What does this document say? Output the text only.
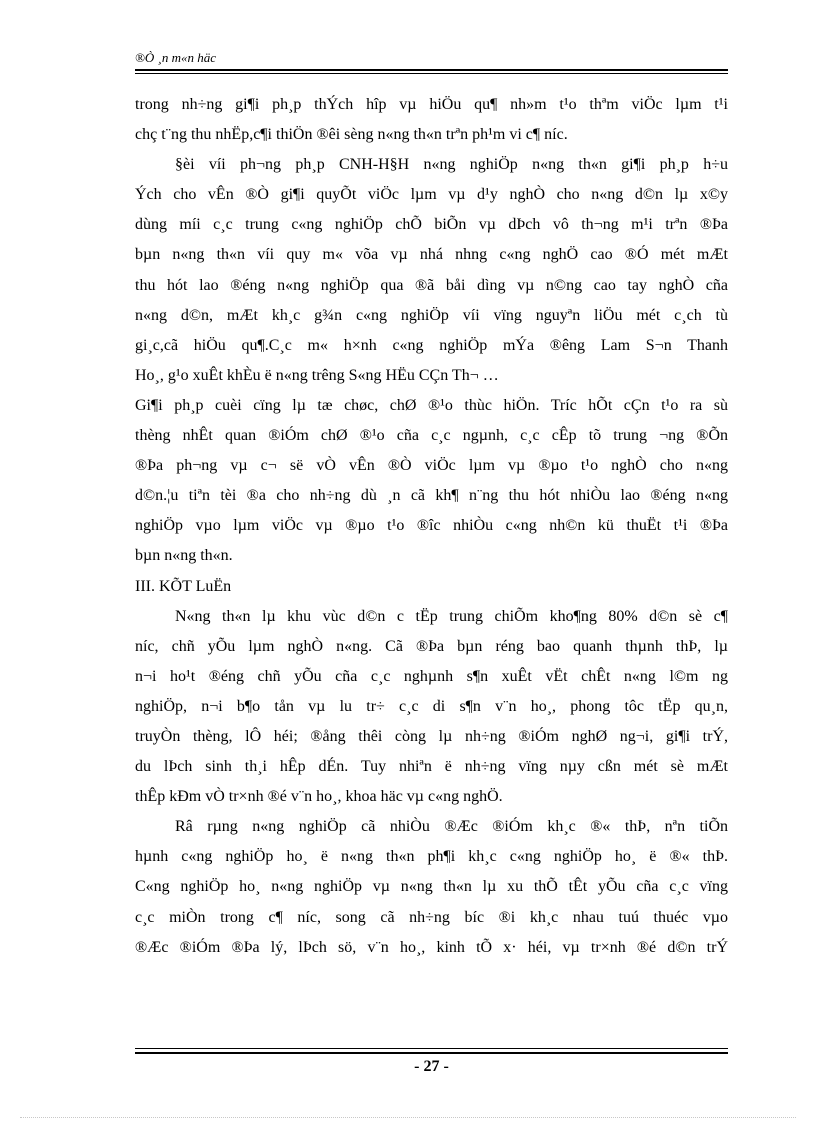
®Ò ¸n m«n häc
trong nh÷ng gi¶i ph¸p thÝch hîp vµ hiÖu qu¶ nh»m t¹o thªm viÖc lµm t¹i
chç t¨ng thu nhËp,c¶i thiÖn ®êi sèng n«ng th«n trªn ph¹m vi c¶ níc.
§èi víi ph¬ng ph¸p CNH-H§H n«ng nghiÖp n«ng th«n gi¶i ph¸p h÷u
Ých cho vÊn ®Ò gi¶i quyÕt viÖc lµm vµ d¹y nghÒ cho n«ng d©n lµ x©y
dùng míi c¸c trung c«ng nghiÖp chÕ biÕn vµ dÞch vô th¬ng m¹i trªn ®Þa
bµn n«ng th«n víi quy m« võa vµ nhá nhng c«ng nghÖ cao ®Ó mét mÆt
thu hót lao ®éng n«ng nghiÖp qua ®ã båi dìng vµ n©ng cao tay nghÒ cña
n«ng d©n, mÆt kh¸c g¾n c«ng nghiÖp víi vïng nguyªn liÖu mét c¸ch tù
gi¸c,cã hiÖu qu¶.C¸c m« h×nh c«ng nghiÖp mÝa ®êng Lam S¬n Thanh
Ho¸, g¹o xuÊt khÈu ë n«ng trêng S«ng HËu CÇn Th¬ …
Gi¶i ph¸p cuèi cïng lµ tæ chøc, chØ ®¹o thùc hiÖn. Tríc hÕt cÇn t¹o ra sù
thèng nhÊt quan ®iÓm chØ ®¹o cña c¸c ngµnh, c¸c cÊp tõ trung ¬ng ®Õn
®Þa ph¬ng vµ c¬ së vÒ vÊn ®Ò viÖc lµm vµ ®µo t¹o nghÒ cho n«ng
d©n.¦u tiªn tèi ®a cho nh÷ng dù ¸n cã kh¶ n¨ng thu hót nhiÒu lao ®éng n«ng
nghiÖp vµo lµm viÖc vµ ®µo t¹o ®îc nhiÒu c«ng nh©n kü thuËt t¹i ®Þa
bµn n«ng th«n.
III. KÕT LuËn
N«ng th«n lµ khu vùc d©n c tËp trung chiÕm kho¶ng 80% d©n sè c¶
níc, chñ yÕu lµm nghÒ n«ng. Cã ®Þa bµn réng bao quanh thµnh thÞ, lµ
n¬i ho¹t ®éng chñ yÕu cña c¸c nghµnh s¶n xuÊt vËt chÊt n«ng l©m ng
nghiÖp, n¬i b¶o tån vµ lu tr÷ c¸c di s¶n v¨n ho¸, phong tôc tËp qu¸n,
truyÒn thèng, lÔ héi; ®ång thêi còng lµ nh÷ng ®iÓm nghØ ng¬i, gi¶i trÝ,
du lÞch sinh th¸i hÊp dÉn. Tuy nhiªn ë nh÷ng vïng nµy cßn mét sè mÆt
thÊp kÐm vÒ tr×nh ®é v¨n ho¸, khoa häc vµ c«ng nghÖ.
Râ rµng n«ng nghiÖp cã nhiÒu ®Æc ®iÓm kh¸c ®« thÞ, nªn tiÕn
hµnh c«ng nghiÖp ho¸ ë n«ng th«n ph¶i kh¸c c«ng nghiÖp ho¸ ë ®« thÞ.
C«ng nghiÖp ho¸ n«ng nghiÖp vµ n«ng th«n lµ xu thÕ tÊt yÕu cña c¸c vïng
c¸c miÒn trong c¶ níc, song cã nh÷ng bíc ®i kh¸c nhau tuú thuéc vµo
®Æc ®iÓm ®Þa lý, lÞch sö, v¨n ho¸, kinh tÕ x· héi, vµ tr×nh ®é d©n trÝ
- 27 -
